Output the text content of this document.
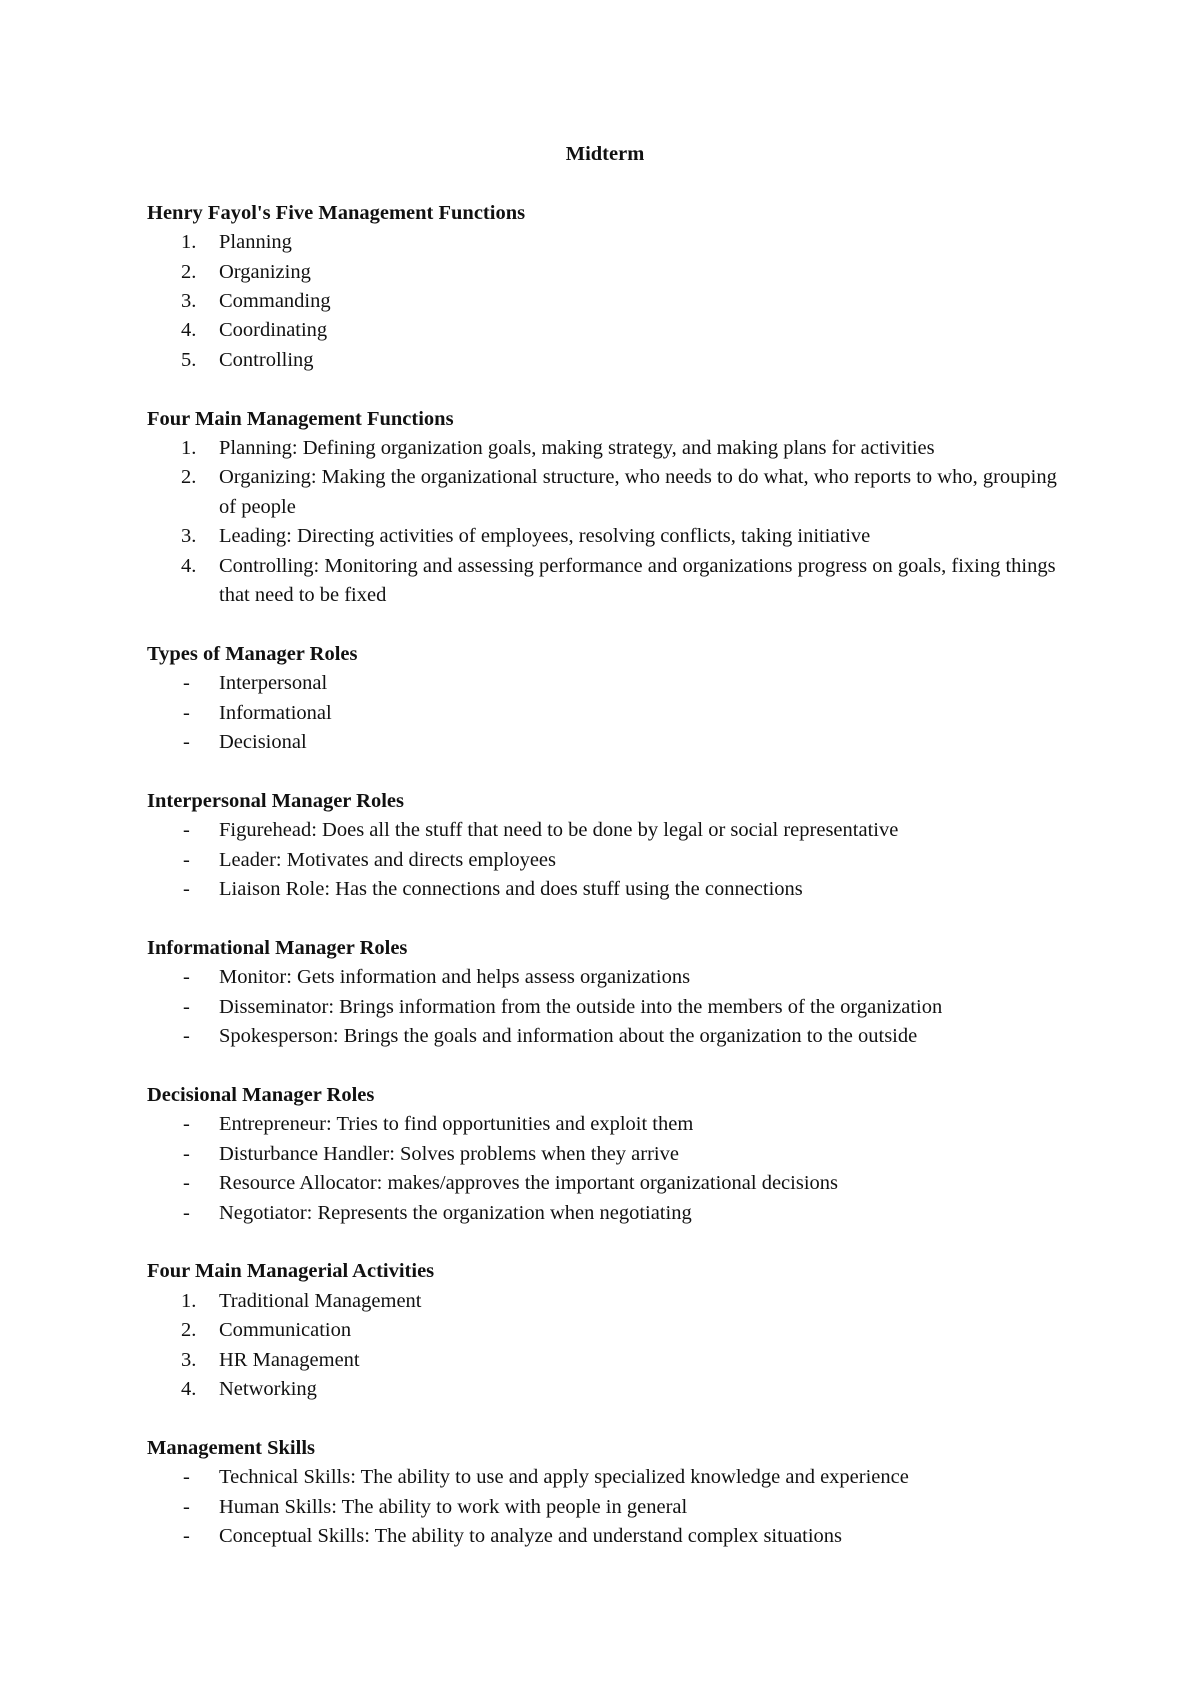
Midterm
Henry Fayol's Five Management Functions
1.	Planning
2.	Organizing
3.	Commanding
4.	Coordinating
5.	Controlling
Four Main Management Functions
1.	Planning: Defining organization goals, making strategy, and making plans for activities
2.	Organizing: Making the organizational structure, who needs to do what, who reports to who, grouping of people
3.	Leading: Directing activities of employees, resolving conflicts, taking initiative
4.	Controlling: Monitoring and assessing performance and organizations progress on goals, fixing things that need to be fixed
Types of Manager Roles
-	Interpersonal
-	Informational
-	Decisional
Interpersonal Manager Roles
-	Figurehead: Does all the stuff that need to be done by legal or social representative
-	Leader: Motivates and directs employees
-	Liaison Role: Has the connections and does stuff using the connections
Informational Manager Roles
-	Monitor: Gets information and helps assess organizations
-	Disseminator: Brings information from the outside into the members of the organization
-	Spokesperson: Brings the goals and information about the organization to the outside
Decisional Manager Roles
-	Entrepreneur: Tries to find opportunities and exploit them
-	Disturbance Handler: Solves problems when they arrive
-	Resource Allocator: makes/approves the important organizational decisions
-	Negotiator: Represents the organization when negotiating
Four Main Managerial Activities
1.	Traditional Management
2.	Communication
3.	HR Management
4.	Networking
Management Skills
-	Technical Skills: The ability to use and apply specialized knowledge and experience
-	Human Skills: The ability to work with people in general
-	Conceptual Skills: The ability to analyze and understand complex situations
